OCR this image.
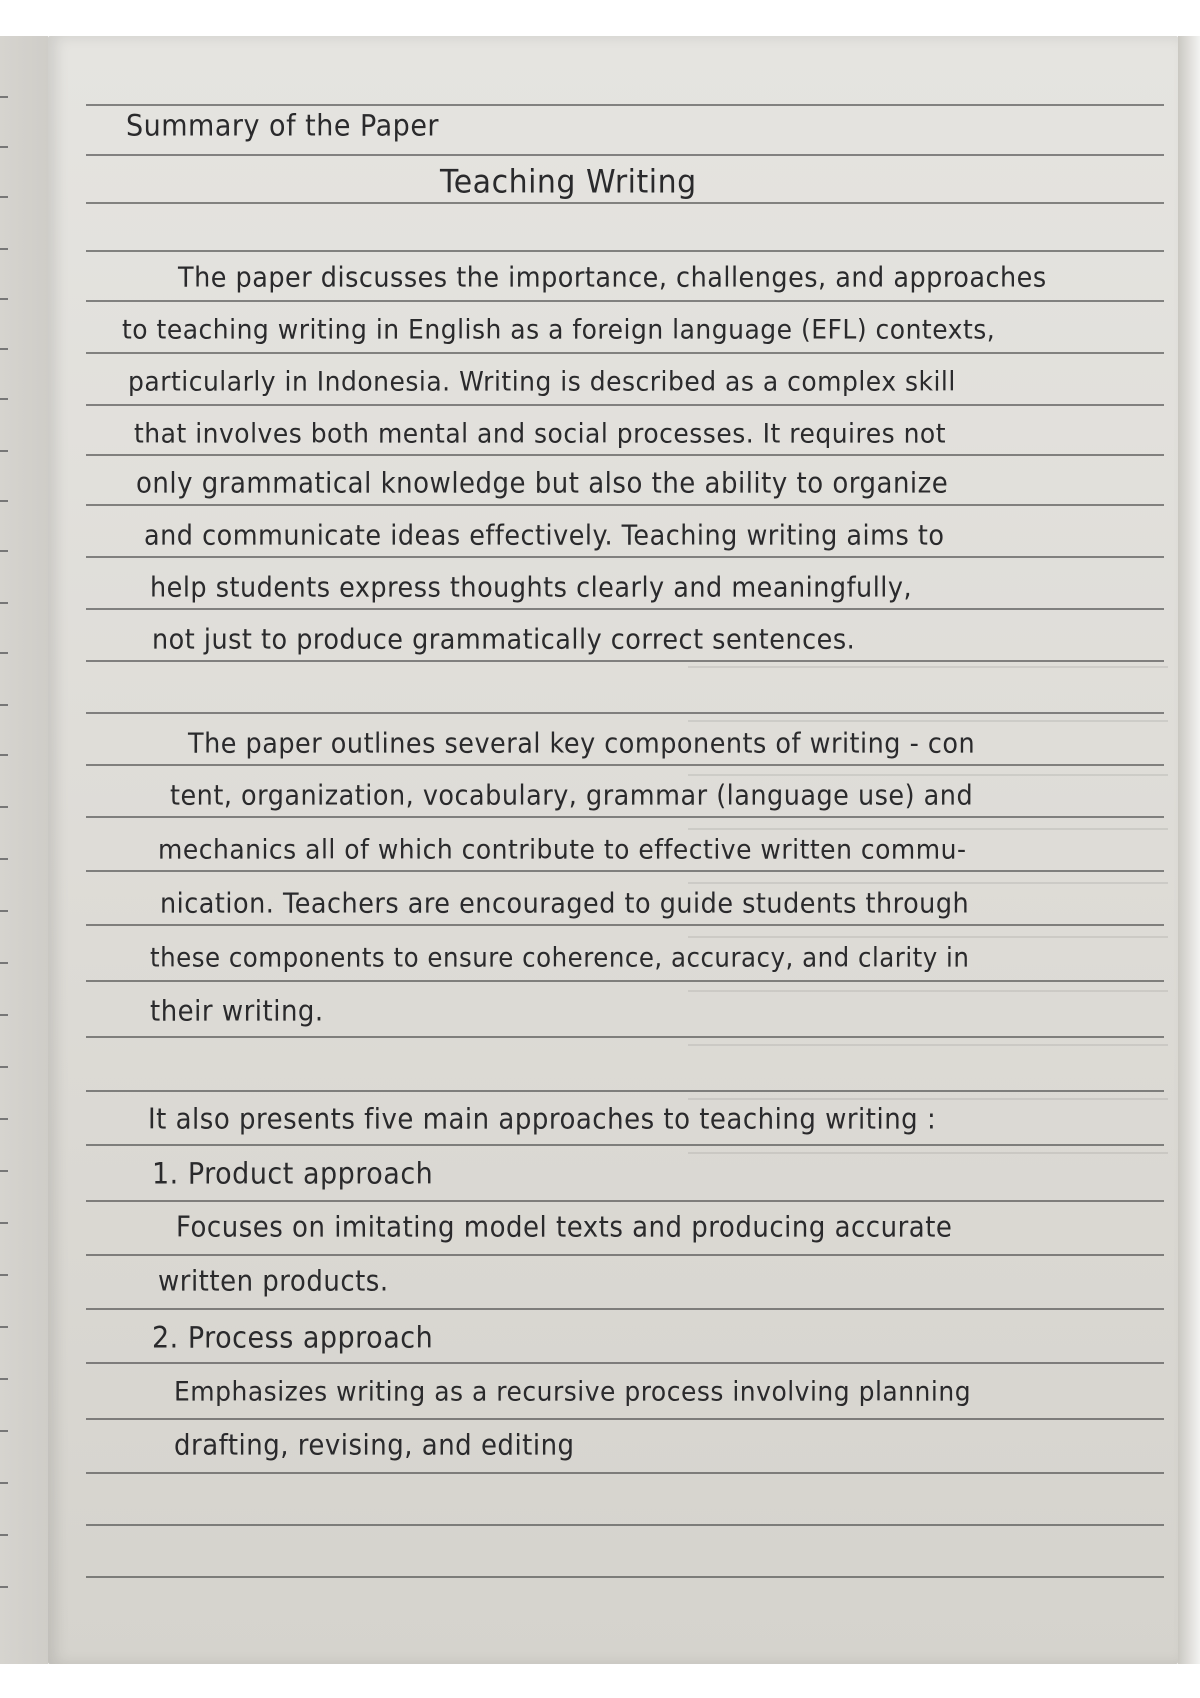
Summary of the Paper

Teaching Writing

The paper discusses the importance, challenges, and approaches

to teaching writing in English as a foreign language (EFL) contexts,

particularly in Indonesia. Writing is described as a complex skill

that involves both mental and social processes. It requires not

only grammatical knowledge but also the ability to organize

and communicate ideas effectively. Teaching writing aims to

help students express thoughts clearly and meaningfully,

not just to produce grammatically correct sentences.

The paper outlines several key components of writing - con

tent, organization, vocabulary, grammar (language use) and

mechanics all of which contribute to effective written commu-

nication. Teachers are encouraged to guide students through

these components to ensure coherence, accuracy, and clarity in

their writing.

It also presents five main approaches to teaching writing :

1. Product approach

Focuses on imitating model texts and producing accurate

written products.

2. Process approach

Emphasizes writing as a recursive process involving planning

drafting, revising, and editing
